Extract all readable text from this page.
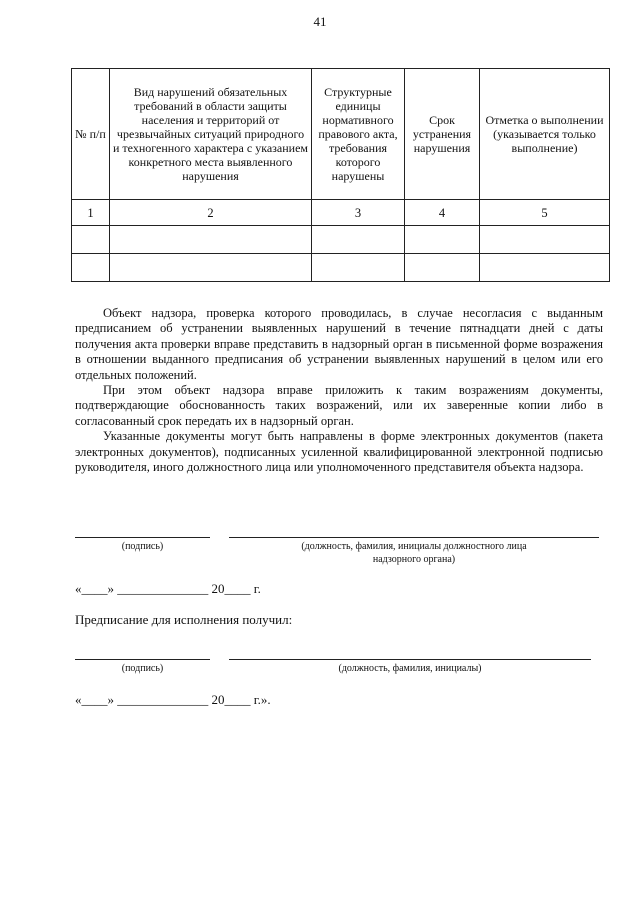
41
№ п/п	Вид нарушений обязательных требований в области защиты населения и территорий от чрезвычайных ситуаций природного и техногенного характера с указанием конкретного места выявленного нарушения	Структурные единицы нормативного правового акта, требования которого нарушены	Срок устранения нарушения	Отметка о выполнении (указывается только выполнение)
1	2	3	4	5

Объект надзора, проверка которого проводилась, в случае несогласия с выданным предписанием об устранении выявленных нарушений в течение пятнадцати дней с даты получения акта проверки вправе представить в надзорный орган в письменной форме возражения в отношении выданного предписания об устранении выявленных нарушений в целом или его отдельных положений.

При этом объект надзора вправе приложить к таким возражениям документы, подтверждающие обоснованность таких возражений, или их заверенные копии либо в согласованный срок передать их в надзорный орган.

Указанные документы могут быть направлены в форме электронных документов (пакета электронных документов), подписанных усиленной квалифицированной электронной подписью руководителя, иного должностного лица или уполномоченного представителя объекта надзора.

(подпись)	(должность, фамилия, инициалы должностного лица
надзорного органа)
«____» ______________ 20____ г.
Предписание для исполнения получил:
(подпись)	(должность, фамилия, инициалы)
«____» ______________ 20____ г.».
